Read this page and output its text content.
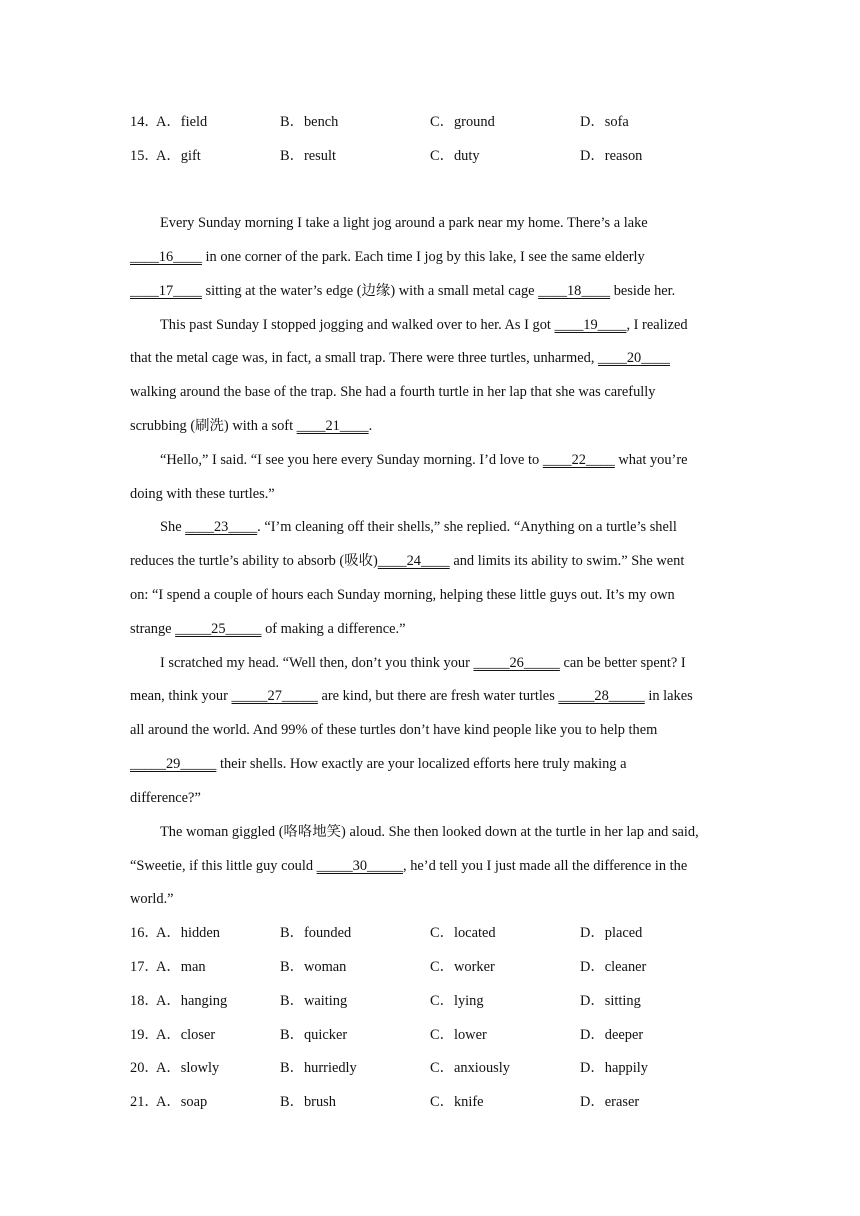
14．
A．field	B．bench	C．ground	D．sofa
15．
A．gift	B．result	C．duty	D．reason
Every Sunday morning I take a light jog around a park near my home. There’s a lake
____16____ in one corner of the park. Each time I jog by this lake, I see the same elderly
____17____ sitting at the water’s edge (边缘) with a small metal cage ____18____ beside her.
This past Sunday I stopped jogging and walked over to her. As I got ____19____, I realized
that the metal cage was, in fact, a small trap. There were three turtles, unharmed, ____20____
walking around the base of the trap. She had a fourth turtle in her lap that she was carefully
scrubbing (刷洗) with a soft ____21____.
“Hello,” I said. “I see you here every Sunday morning. I’d love to ____22____ what you’re
doing with these turtles.”
She ____23____. “I’m cleaning off their shells,” she replied. “Anything on a turtle’s shell
reduces the turtle’s ability to absorb (吸收)____24____ and limits its ability to swim.” She went
on: “I spend a couple of hours each Sunday morning, helping these little guys out. It’s my own
strange _____25_____ of making a difference.”
I scratched my head. “Well then, don’t you think your _____26_____ can be better spent? I
mean, think your _____27_____ are kind, but there are fresh water turtles _____28_____ in lakes
all around the world. And 99% of these turtles don’t have kind people like you to help them
_____29_____ their shells. How exactly are your localized efforts here truly making a
difference?”
The woman giggled (咯咯地笑) aloud. She then looked down at the turtle in her lap and said,
“Sweetie, if this little guy could _____30_____, he’d tell you I just made all the difference in the
world.”
16．
A．hidden	B．founded	C．located	D．placed
17．
A．man	B．woman	C．worker	D．cleaner
18．
A．hanging	B．waiting	C．lying	D．sitting
19．
A．closer	B．quicker	C．lower	D．deeper
20．
A．slowly	B．hurriedly	C．anxiously	D．happily
21．
A．soap	B．brush	C．knife	D．eraser
